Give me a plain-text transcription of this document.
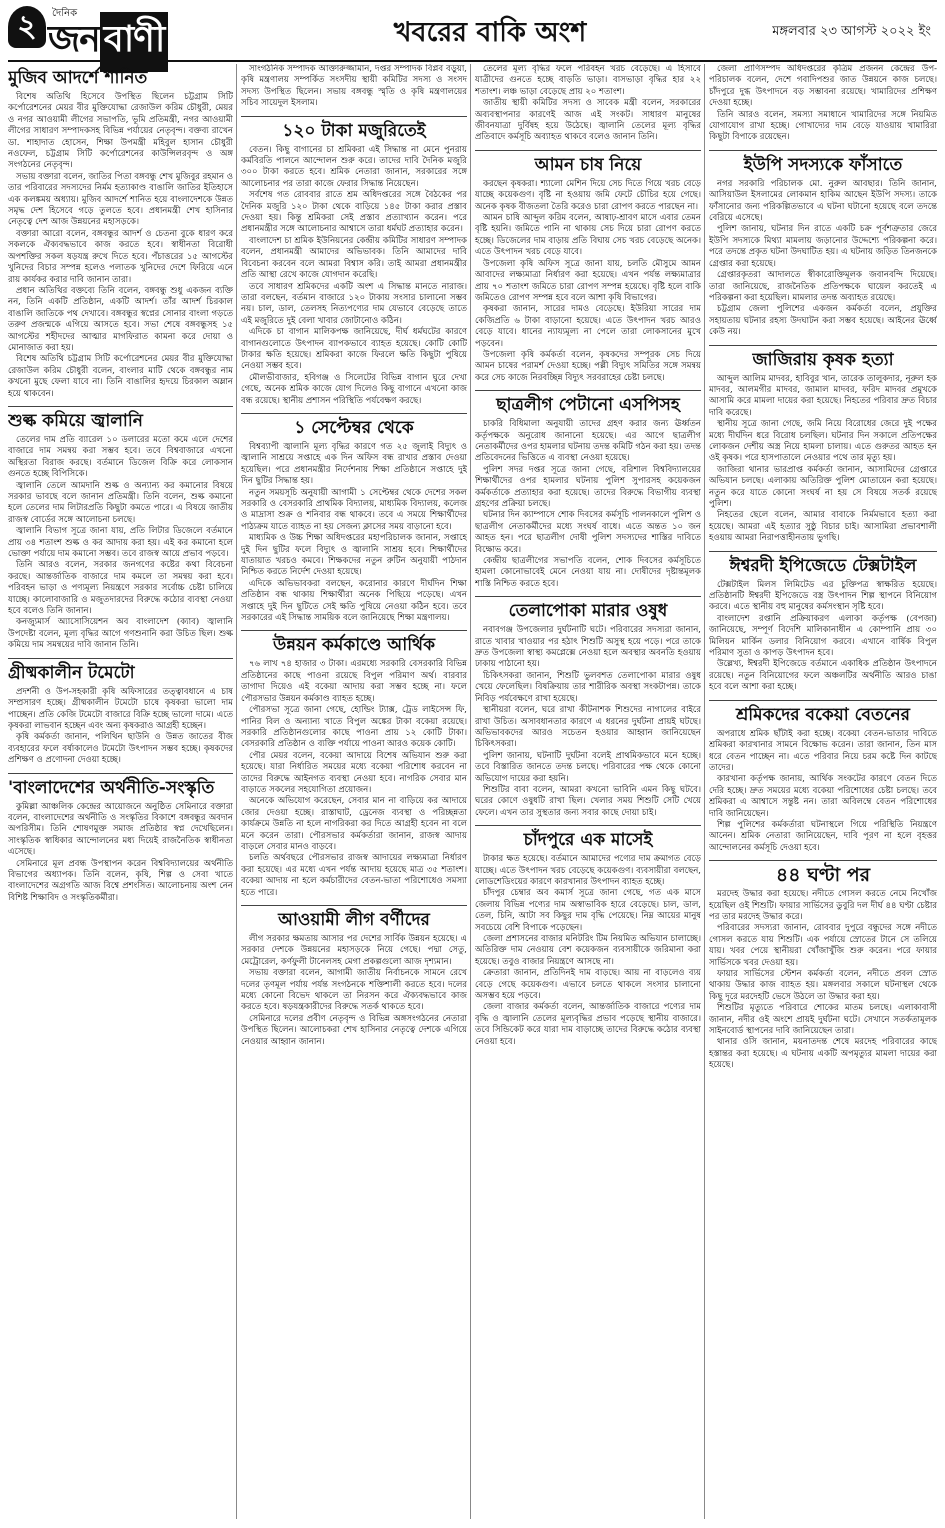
২	দৈনিক
জন বাণী	খবরের বাকি অংশ	মঙ্গলবার ২৩ আগস্ট ২০২২ ইং
মুজিব আদর্শে শানিত

বিশেষ অতিথি হিসেবে উপস্থিত ছিলেন চট্টগ্রাম সিটি কর্পোরেশনের মেয়র বীর মুক্তিযোদ্ধা রেজাউল করিম চৌধুরী, মেয়র ও নগর আওয়ামী লীগের সভাপতি, ভূমি প্রতিমন্ত্রী, নগর আওয়ামী লীগের সাধারণ সম্পাদকসহ বিভিন্ন পর্যায়ের নেতৃবৃন্দ। বক্তব্য রাখেন ডা. শাহাদাত হোসেন, শিক্ষা উপমন্ত্রী মহিবুল হাসান চৌধুরী নওফেল, চট্টগ্রাম সিটি কর্পোরেশনের কাউন্সিলরবৃন্দ ও অঙ্গ সংগঠনের নেতৃবৃন্দ।

সভায় বক্তারা বলেন, জাতির পিতা বঙ্গবন্ধু শেখ মুজিবুর রহমান ও তার পরিবারের সদস্যদের নির্মম হত্যাকাণ্ড বাঙালি জাতির ইতিহাসে এক কলঙ্কময় অধ্যায়। মুজিব আদর্শে শানিত হয়ে বাংলাদেশকে উন্নত সমৃদ্ধ দেশ হিসেবে গড়ে তুলতে হবে। প্রধানমন্ত্রী শেখ হাসিনার নেতৃত্বে দেশ আজ উন্নয়নের মহাসড়কে।

বক্তারা আরো বলেন, বঙ্গবন্ধুর আদর্শ ও চেতনা বুকে ধারণ করে সকলকে ঐক্যবদ্ধভাবে কাজ করতে হবে। স্বাধীনতা বিরোধী অপশক্তির সকল ষড়যন্ত্র রুখে দিতে হবে। পঁচাত্তরের ১৫ আগস্টের খুনিদের বিচার সম্পন্ন হলেও পলাতক খুনিদের দেশে ফিরিয়ে এনে রায় কার্যকর করার দাবি জানান তারা।

প্রধান অতিথির বক্তব্যে তিনি বলেন, বঙ্গবন্ধু শুধু একজন ব্যক্তি নন, তিনি একটি প্রতিষ্ঠান, একটি আদর্শ। তাঁর আদর্শ চিরকাল বাঙালি জাতিকে পথ দেখাবে। বঙ্গবন্ধুর স্বপ্নের সোনার বাংলা গড়তে তরুণ প্রজন্মকে এগিয়ে আসতে হবে। সভা শেষে বঙ্গবন্ধুসহ ১৫ আগস্টের শহীদদের আত্মার মাগফিরাত কামনা করে দোয়া ও মোনাজাত করা হয়।

বিশেষ অতিথি চট্টগ্রাম সিটি কর্পোরেশনের মেয়র বীর মুক্তিযোদ্ধা রেজাউল করিম চৌধুরী বলেন, বাংলার মাটি থেকে বঙ্গবন্ধুর নাম কখনো মুছে ফেলা যাবে না। তিনি বাঙালির হৃদয়ে চিরকাল অম্লান হয়ে থাকবেন।

শুল্ক কমিয়ে জ্বালানি

তেলের দাম প্রতি ব্যারেল ১০ ডলারের মতো কমে এলে দেশের বাজারে দাম সমন্বয় করা সম্ভব হবে। তবে বিশ্ববাজারে এখনো অস্থিরতা বিরাজ করছে। বর্তমানে ডিজেল বিক্রি করে লোকসান গুনতে হচ্ছে বিপিসিকে।

জ্বালানি তেলে আমদানি শুল্ক ও অন্যান্য কর কমানোর বিষয়ে সরকার ভাবছে বলে জানান প্রতিমন্ত্রী। তিনি বলেন, শুল্ক কমানো হলে তেলের দাম লিটারপ্রতি কিছুটা কমতে পারে। এ বিষয়ে জাতীয় রাজস্ব বোর্ডের সঙ্গে আলোচনা চলছে।

জ্বালানি বিভাগ সূত্রে জানা যায়, প্রতি লিটার ডিজেলে বর্তমানে প্রায় ৩৪ শতাংশ শুল্ক ও কর আদায় করা হয়। এই কর কমানো হলে ভোক্তা পর্যায়ে দাম কমানো সম্ভব। তবে রাজস্ব আয়ে প্রভাব পড়বে।

তিনি আরও বলেন, সরকার জনগণের কষ্টের কথা বিবেচনা করছে। আন্তর্জাতিক বাজারে দাম কমলে তা সমন্বয় করা হবে। পরিবহন ভাড়া ও পণ্যমূল্য নিয়ন্ত্রণে সরকার সর্বোচ্চ চেষ্টা চালিয়ে যাচ্ছে। কালোবাজারি ও মজুতদারদের বিরুদ্ধে কঠোর ব্যবস্থা নেওয়া হবে বলেও তিনি জানান।

কনজ্যুমার্স অ্যাসোসিয়েশন অব বাংলাদেশ (ক্যাব) জ্বালানি উপদেষ্টা বলেন, মূল্য বৃদ্ধির আগে গণশুনানি করা উচিত ছিল। শুল্ক কমিয়ে দাম সমন্বয়ের দাবি জানান তিনি।

গ্রীষ্মকালীন টমেটো

প্রদর্শনী ও উপ-সহকারী কৃষি অফিসারের তত্ত্বাবধানে এ চাষ সম্প্রসারণ হচ্ছে। গ্রীষ্মকালীন টমেটো চাষে কৃষকরা ভালো দাম পাচ্ছেন। প্রতি কেজি টমেটো বাজারে বিক্রি হচ্ছে ভালো দামে। এতে কৃষকরা লাভবান হচ্ছেন এবং অন্য কৃষকরাও আগ্রহী হচ্ছেন।

কৃষি কর্মকর্তা জানান, পলিথিন ছাউনি ও উন্নত জাতের বীজ ব্যবহারের ফলে বর্ষাকালেও টমেটো উৎপাদন সম্ভব হচ্ছে। কৃষকদের প্রশিক্ষণ ও প্রণোদনা দেওয়া হচ্ছে।

'বাংলাদেশের অর্থনীতি-সংস্কৃতি

কুমিল্লা আঞ্চলিক কেন্দ্রের আয়োজনে অনুষ্ঠিত সেমিনারে বক্তারা বলেন, বাংলাদেশের অর্থনীতি ও সংস্কৃতির বিকাশে বঙ্গবন্ধুর অবদান অপরিসীম। তিনি শোষণমুক্ত সমাজ প্রতিষ্ঠার স্বপ্ন দেখেছিলেন। সাংস্কৃতিক স্বাধিকার আন্দোলনের মধ্য দিয়েই রাজনৈতিক স্বাধীনতা এসেছে।

সেমিনারে মূল প্রবন্ধ উপস্থাপন করেন বিশ্ববিদ্যালয়ের অর্থনীতি বিভাগের অধ্যাপক। তিনি বলেন, কৃষি, শিল্প ও সেবা খাতে বাংলাদেশের অগ্রগতি আজ বিশ্বে প্রশংসিত। আলোচনায় অংশ নেন বিশিষ্ট শিক্ষাবিদ ও সংস্কৃতিকর্মীরা।

সাংগঠনিক সম্পাদক আক্তারুজ্জামান, দপ্তর সম্পাদক বিপ্লব বড়ুয়া, কৃষি মন্ত্রণালয় সম্পর্কিত সংসদীয় স্থায়ী কমিটির সদস্য ও সংসদ সদস্য উপস্থিত ছিলেন। সভায় বঙ্গবন্ধু স্মৃতি ও কৃষি মন্ত্রণালয়ের সচিব সায়েদুল ইসলাম।

১২০ টাকা মজুরিতেই

বেতন। কিছু বাগানের চা শ্রমিকরা এই সিদ্ধান্ত না মেনে পুনরায় কর্মবিরতি পালনে আন্দোলন শুরু করে। তাদের দাবি দৈনিক মজুরি ৩০০ টাকা করতে হবে। শ্রমিক নেতারা জানান, সরকারের সঙ্গে আলোচনার পর তারা কাজে ফেরার সিদ্ধান্ত নিয়েছেন।

সর্বশেষ গত রোববার রাতে শ্রম অধিদপ্তরের সঙ্গে বৈঠকের পর দৈনিক মজুরি ১২০ টাকা থেকে বাড়িয়ে ১৪৫ টাকা করার প্রস্তাব দেওয়া হয়। কিন্তু শ্রমিকরা সেই প্রস্তাব প্রত্যাখ্যান করেন। পরে প্রধানমন্ত্রীর সঙ্গে আলোচনার আশ্বাসে তারা ধর্মঘট প্রত্যাহার করেন।

বাংলাদেশ চা শ্রমিক ইউনিয়নের কেন্দ্রীয় কমিটির সাধারণ সম্পাদক বলেন, প্রধানমন্ত্রী আমাদের অভিভাবক। তিনি আমাদের দাবি বিবেচনা করবেন বলে আমরা বিশ্বাস করি। তাই আমরা প্রধানমন্ত্রীর প্রতি আস্থা রেখে কাজে যোগদান করেছি।

তবে সাধারণ শ্রমিকদের একটি অংশ এ সিদ্ধান্ত মানতে নারাজ। তারা বলছেন, বর্তমান বাজারে ১২০ টাকায় সংসার চালানো সম্ভব নয়। চাল, ডাল, তেলসহ নিত্যপণ্যের দাম যেভাবে বেড়েছে তাতে এই মজুরিতে দুই বেলা খাবার জোটানোও কঠিন।

এদিকে চা বাগান মালিকপক্ষ জানিয়েছে, দীর্ঘ ধর্মঘটের কারণে বাগানগুলোতে উৎপাদন ব্যাপকভাবে ব্যাহত হয়েছে। কোটি কোটি টাকার ক্ষতি হয়েছে। শ্রমিকরা কাজে ফিরলে ক্ষতি কিছুটা পুষিয়ে নেওয়া সম্ভব হবে।

মৌলভীবাজার, হবিগঞ্জ ও সিলেটের বিভিন্ন বাগান ঘুরে দেখা গেছে, অনেক শ্রমিক কাজে যোগ দিলেও কিছু বাগানে এখনো কাজ বন্ধ রয়েছে। স্থানীয় প্রশাসন পরিস্থিতি পর্যবেক্ষণ করছে।

১ সেপ্টেম্বর থেকে

বিশ্বব্যাপী জ্বালানি মূল্য বৃদ্ধির কারণে গত ২৫ জুলাই বিদ্যুৎ ও জ্বালানি সাশ্রয়ে সপ্তাহে এক দিন অফিস বন্ধ রাখার প্রস্তাব দেওয়া হয়েছিল। পরে প্রধানমন্ত্রীর নির্দেশনায় শিক্ষা প্রতিষ্ঠানে সপ্তাহে দুই দিন ছুটির সিদ্ধান্ত হয়।

নতুন সময়সূচি অনুযায়ী আগামী ১ সেপ্টেম্বর থেকে দেশের সকল সরকারি ও বেসরকারি প্রাথমিক বিদ্যালয়, মাধ্যমিক বিদ্যালয়, কলেজ ও মাদ্রাসা শুক্র ও শনিবার বন্ধ থাকবে। তবে এ সময়ে শিক্ষার্থীদের পাঠ্যক্রম যাতে ব্যাহত না হয় সেজন্য ক্লাসের সময় বাড়ানো হবে।

মাধ্যমিক ও উচ্চ শিক্ষা অধিদপ্তরের মহাপরিচালক জানান, সপ্তাহে দুই দিন ছুটির ফলে বিদ্যুৎ ও জ্বালানি সাশ্রয় হবে। শিক্ষার্থীদের যাতায়াত খরচও কমবে। শিক্ষকদের নতুন রুটিন অনুযায়ী পাঠদান নিশ্চিত করতে নির্দেশ দেওয়া হয়েছে।

এদিকে অভিভাবকরা বলছেন, করোনার কারণে দীর্ঘদিন শিক্ষা প্রতিষ্ঠান বন্ধ থাকায় শিক্ষার্থীরা অনেক পিছিয়ে পড়েছে। এখন সপ্তাহে দুই দিন ছুটিতে সেই ক্ষতি পুষিয়ে নেওয়া কঠিন হবে। তবে সরকারের এই সিদ্ধান্ত সাময়িক বলে জানিয়েছে শিক্ষা মন্ত্রণালয়।

উন্নয়ন কর্মকাণ্ডে আর্থিক

৭৬ লাখ ৭৪ হাজার ৩ টাকা। এরমধ্যে সরকারি বেসরকারি বিভিন্ন প্রতিষ্ঠানের কাছে পাওনা রয়েছে বিপুল পরিমাণ অর্থ। বারবার তাগাদা দিয়েও এই বকেয়া আদায় করা সম্ভব হচ্ছে না। ফলে পৌরসভার উন্নয়ন কর্মকাণ্ড ব্যাহত হচ্ছে।

পৌরসভা সূত্রে জানা গেছে, হোল্ডিং ট্যাক্স, ট্রেড লাইসেন্স ফি, পানির বিল ও অন্যান্য খাতে বিপুল অঙ্কের টাকা বকেয়া রয়েছে। সরকারি প্রতিষ্ঠানগুলোর কাছে পাওনা প্রায় ১২ কোটি টাকা। বেসরকারি প্রতিষ্ঠান ও ব্যক্তি পর্যায়ে পাওনা আরও কয়েক কোটি।

পৌর মেয়র বলেন, বকেয়া আদায়ে বিশেষ অভিযান শুরু করা হয়েছে। যারা নির্ধারিত সময়ের মধ্যে বকেয়া পরিশোধ করবেন না তাদের বিরুদ্ধে আইনগত ব্যবস্থা নেওয়া হবে। নাগরিক সেবার মান বাড়াতে সকলের সহযোগিতা প্রয়োজন।

অনেকে অভিযোগ করেছেন, সেবার মান না বাড়িয়ে কর আদায়ে জোর দেওয়া হচ্ছে। রাস্তাঘাট, ড্রেনেজ ব্যবস্থা ও পরিচ্ছন্নতা কার্যক্রমে উন্নতি না হলে নাগরিকরা কর দিতে আগ্রহী হবেন না বলে মনে করেন তারা। পৌরসভার কর্মকর্তারা জানান, রাজস্ব আদায় বাড়লে সেবার মানও বাড়বে।

চলতি অর্থবছরে পৌরসভার রাজস্ব আদায়ের লক্ষ্যমাত্রা নির্ধারণ করা হয়েছে। এর মধ্যে এখন পর্যন্ত আদায় হয়েছে মাত্র ৩৫ শতাংশ। বকেয়া আদায় না হলে কর্মচারীদের বেতন-ভাতা পরিশোধেও সমস্যা হতে পারে।

আওয়ামী লীগ বর্ণীদের

লীগ সরকার ক্ষমতায় আসার পর দেশের সার্বিক উন্নয়ন হয়েছে। এ সরকার দেশকে উন্নয়নের মহাসড়কে নিয়ে গেছে। পদ্মা সেতু, মেট্রোরেল, কর্ণফুলী টানেলসহ মেগা প্রকল্পগুলো আজ দৃশ্যমান।

সভায় বক্তারা বলেন, আগামী জাতীয় নির্বাচনকে সামনে রেখে দলের তৃণমূল পর্যায় পর্যন্ত সংগঠনকে শক্তিশালী করতে হবে। দলের মধ্যে কোনো বিভেদ থাকলে তা নিরসন করে ঐক্যবদ্ধভাবে কাজ করতে হবে। ষড়যন্ত্রকারীদের বিরুদ্ধে সতর্ক থাকতে হবে।

সেমিনারে দলের প্রবীণ নেতৃবৃন্দ ও বিভিন্ন অঙ্গসংগঠনের নেতারা উপস্থিত ছিলেন। আলোচকরা শেখ হাসিনার নেতৃত্বে দেশকে এগিয়ে নেওয়ার আহ্বান জানান।

তেলের মূল্য বৃদ্ধির ফলে পরিবহন খরচ বেড়েছে। এ হিসাবে যাত্রীদের গুনতে হচ্ছে বাড়তি ভাড়া। বাসভাড়া বৃদ্ধির হার ২২ শতাংশ। লঞ্চ ভাড়া বেড়েছে প্রায় ২০ শতাংশ।

জাতীয় স্থায়ী কমিটির সদস্য ও সাবেক মন্ত্রী বলেন, সরকারের অব্যবস্থাপনার কারণেই আজ এই সংকট। সাধারণ মানুষের জীবনযাত্রা দুর্বিষহ হয়ে উঠেছে। জ্বালানি তেলের মূল্য বৃদ্ধির প্রতিবাদে কর্মসূচি অব্যাহত থাকবে বলেও জানান তিনি।

আমন চাষ নিয়ে

করছেন কৃষকরা। শ্যালো মেশিন দিয়ে সেচ দিতে গিয়ে খরচ বেড়ে যাচ্ছে কয়েকগুণ। বৃষ্টি না হওয়ায় জমি ফেটে চৌচির হয়ে গেছে। অনেক কৃষক বীজতলা তৈরি করেও চারা রোপণ করতে পারছেন না।

আমন চাষি আব্দুল করিম বলেন, আষাঢ়-শ্রাবণ মাসে এবার তেমন বৃষ্টি হয়নি। জমিতে পানি না থাকায় সেচ দিয়ে চারা রোপণ করতে হচ্ছে। ডিজেলের দাম বাড়ায় প্রতি বিঘায় সেচ খরচ বেড়েছে অনেক। এতে উৎপাদন খরচ বেড়ে যাবে।

উপজেলা কৃষি অফিস সূত্রে জানা যায়, চলতি মৌসুমে আমন আবাদের লক্ষ্যমাত্রা নির্ধারণ করা হয়েছে। এখন পর্যন্ত লক্ষ্যমাত্রার প্রায় ৭০ শতাংশ জমিতে চারা রোপণ সম্পন্ন হয়েছে। বৃষ্টি হলে বাকি জমিতেও রোপণ সম্পন্ন হবে বলে আশা কৃষি বিভাগের।

কৃষকরা জানান, সারের দামও বেড়েছে। ইউরিয়া সারের দাম কেজিপ্রতি ৬ টাকা বাড়ানো হয়েছে। এতে উৎপাদন খরচ আরও বেড়ে যাবে। ধানের ন্যায্যমূল্য না পেলে তারা লোকসানের মুখে পড়বেন।

উপজেলা কৃষি কর্মকর্তা বলেন, কৃষকদের সম্পূরক সেচ দিয়ে আমন চাষের পরামর্শ দেওয়া হচ্ছে। পল্লী বিদ্যুৎ সমিতির সঙ্গে সমন্বয় করে সেচ কাজে নিরবচ্ছিন্ন বিদ্যুৎ সরবরাহের চেষ্টা চলছে।

ছাত্রলীগ পেটানো এসপিসহ

চাকরি বিধিমালা অনুযায়ী তাদের গ্রহণ করার জন্য ঊর্ধ্বতন কর্তৃপক্ষকে অনুরোধ জানানো হয়েছে। এর আগে ছাত্রলীগ নেতাকর্মীদের ওপর হামলার ঘটনায় তদন্ত কমিটি গঠন করা হয়। তদন্ত প্রতিবেদনের ভিত্তিতে এ ব্যবস্থা নেওয়া হয়েছে।

পুলিশ সদর দপ্তর সূত্রে জানা গেছে, বরিশাল বিশ্ববিদ্যালয়ের শিক্ষার্থীদের ওপর হামলার ঘটনায় পুলিশ সুপারসহ কয়েকজন কর্মকর্তাকে প্রত্যাহার করা হয়েছে। তাদের বিরুদ্ধে বিভাগীয় ব্যবস্থা গ্রহণের প্রক্রিয়া চলছে।

ঘটনার দিন ক্যাম্পাসে শোক দিবসের কর্মসূচি পালনকালে পুলিশ ও ছাত্রলীগ নেতাকর্মীদের মধ্যে সংঘর্ষ বাধে। এতে অন্তত ১০ জন আহত হন। পরে ছাত্রলীগ দোষী পুলিশ সদস্যদের শাস্তির দাবিতে বিক্ষোভ করে।

কেন্দ্রীয় ছাত্রলীগের সভাপতি বলেন, শোক দিবসের কর্মসূচিতে হামলা কোনোভাবেই মেনে নেওয়া যায় না। দোষীদের দৃষ্টান্তমূলক শাস্তি নিশ্চিত করতে হবে।

তেলাপোকা মারার ওষুধ

নবাবগঞ্জ উপজেলার দুর্ঘটনাটি ঘটে। পরিবারের সদস্যরা জানান, রাতে খাবার খাওয়ার পর হঠাৎ শিশুটি অসুস্থ হয়ে পড়ে। পরে তাকে দ্রুত উপজেলা স্বাস্থ্য কমপ্লেক্সে নেওয়া হলে অবস্থার অবনতি হওয়ায় ঢাকায় পাঠানো হয়।

চিকিৎসকরা জানান, শিশুটি ভুলবশত তেলাপোকা মারার ওষুধ খেয়ে ফেলেছিল। বিষক্রিয়ায় তার শারীরিক অবস্থা সংকটাপন্ন। তাকে নিবিড় পর্যবেক্ষণে রাখা হয়েছে।

স্থানীয়রা বলেন, ঘরে রাখা কীটনাশক শিশুদের নাগালের বাইরে রাখা উচিত। অসাবধানতার কারণে এ ধরনের দুর্ঘটনা প্রায়ই ঘটছে। অভিভাবকদের আরও সচেতন হওয়ার আহ্বান জানিয়েছেন চিকিৎসকরা।

পুলিশ জানায়, ঘটনাটি দুর্ঘটনা বলেই প্রাথমিকভাবে মনে হচ্ছে। তবে বিস্তারিত জানতে তদন্ত চলছে। পরিবারের পক্ষ থেকে কোনো অভিযোগ দায়ের করা হয়নি।

শিশুটির বাবা বলেন, আমরা কখনো ভাবিনি এমন কিছু ঘটবে। ঘরের কোণে ওষুধটি রাখা ছিল। খেলার সময় শিশুটি সেটি খেয়ে ফেলে। এখন তার সুস্থতার জন্য সবার কাছে দোয়া চাই।

চাঁদপুরে এক মাসেই

টাকার ক্ষত হয়েছে। বর্তমানে আমাদের পণ্যের দাম ক্রমাগত বেড়ে যাচ্ছে। এতে উৎপাদন খরচ বেড়েছে কয়েকগুণ। ব্যবসায়ীরা বলছেন, লোডশেডিংয়ের কারণে কারখানার উৎপাদন ব্যাহত হচ্ছে।

চাঁদপুর চেম্বার অব কমার্স সূত্রে জানা গেছে, গত এক মাসে জেলায় বিভিন্ন পণ্যের দাম অস্বাভাবিক হারে বেড়েছে। চাল, ডাল, তেল, চিনি, আটা সব কিছুর দাম বৃদ্ধি পেয়েছে। নিম্ন আয়ের মানুষ সবচেয়ে বেশি বিপাকে পড়েছেন।

জেলা প্রশাসনের বাজার মনিটরিং টিম নিয়মিত অভিযান চালাচ্ছে। অতিরিক্ত দাম নেওয়ায় বেশ কয়েকজন ব্যবসায়ীকে জরিমানা করা হয়েছে। তবুও বাজার নিয়ন্ত্রণে আসছে না।

ক্রেতারা জানান, প্রতিদিনই দাম বাড়ছে। আয় না বাড়লেও ব্যয় বেড়ে গেছে কয়েকগুণ। এভাবে চলতে থাকলে সংসার চালানো অসম্ভব হয়ে পড়বে।

জেলা বাজার কর্মকর্তা বলেন, আন্তর্জাতিক বাজারে পণ্যের দাম বৃদ্ধি ও জ্বালানি তেলের মূল্যবৃদ্ধির প্রভাব পড়েছে স্থানীয় বাজারে। তবে সিন্ডিকেট করে যারা দাম বাড়াচ্ছে তাদের বিরুদ্ধে কঠোর ব্যবস্থা নেওয়া হবে।

জেলা প্রাণিসম্পদ অধিদপ্তরের কৃত্রিম প্রজনন কেন্দ্রের উপ-পরিচালক বলেন, দেশে গবাদিপশুর জাত উন্নয়নে কাজ চলছে। চাঁদপুরে দুগ্ধ উৎপাদনে বড় সম্ভাবনা রয়েছে। খামারিদের প্রশিক্ষণ দেওয়া হচ্ছে।

তিনি আরও বলেন, সমস্যা সমাধানে খামারিদের সঙ্গে নিয়মিত যোগাযোগ রাখা হচ্ছে। গোখাদ্যের দাম বেড়ে যাওয়ায় খামারিরা কিছুটা বিপাকে রয়েছেন।

ইউপি সদস্যকে ফাঁসাতে

নগর সরকারি পরিচালক মো. নুরুল আবছার। তিনি জানান, আসিয়াউল ইসলামের লোকমান হাকিম আছেন ইউপি সদস্য। তাকে ফাঁসানোর জন্য পরিকল্পিতভাবে এ ঘটনা ঘটানো হয়েছে বলে তদন্তে বেরিয়ে এসেছে।

পুলিশ জানায়, ঘটনার দিন রাতে একটি চক্র পূর্বশত্রুতার জেরে ইউপি সদস্যকে মিথ্যা মামলায় জড়ানোর উদ্দেশ্যে পরিকল্পনা করে। পরে তদন্তে প্রকৃত ঘটনা উদঘাটিত হয়। এ ঘটনায় জড়িত তিনজনকে গ্রেপ্তার করা হয়েছে।

গ্রেপ্তারকৃতরা আদালতে স্বীকারোক্তিমূলক জবানবন্দি দিয়েছে। তারা জানিয়েছে, রাজনৈতিক প্রতিপক্ষকে ঘায়েল করতেই এ পরিকল্পনা করা হয়েছিল। মামলার তদন্ত অব্যাহত রয়েছে।

চট্টগ্রাম জেলা পুলিশের একজন কর্মকর্তা বলেন, প্রযুক্তির সহায়তায় ঘটনার রহস্য উদঘাটন করা সম্ভব হয়েছে। আইনের ঊর্ধ্বে কেউ নয়।

জাজিরায় কৃষক হত্যা

আব্দুল আলিম মাদবর, হাবিবুর খান, তারেক তালুকদার, নূরুল হক মাদবর, আলমগীর মাদবর, জামাল মাদবর, ফরিদ মাদবর প্রমুখকে আসামি করে মামলা দায়ের করা হয়েছে। নিহতের পরিবার দ্রুত বিচার দাবি করেছে।

স্থানীয় সূত্রে জানা গেছে, জমি নিয়ে বিরোধের জেরে দুই পক্ষের মধ্যে দীর্ঘদিন ধরে বিরোধ চলছিল। ঘটনার দিন সকালে প্রতিপক্ষের লোকজন দেশীয় অস্ত্র নিয়ে হামলা চালায়। এতে গুরুতর আহত হন ওই কৃষক। পরে হাসপাতালে নেওয়ার পথে তার মৃত্যু হয়।

জাজিরা থানার ভারপ্রাপ্ত কর্মকর্তা জানান, আসামিদের গ্রেপ্তারে অভিযান চলছে। এলাকায় অতিরিক্ত পুলিশ মোতায়েন করা হয়েছে। নতুন করে যাতে কোনো সংঘর্ষ না হয় সে বিষয়ে সতর্ক রয়েছে পুলিশ।

নিহতের ছেলে বলেন, আমার বাবাকে নির্মমভাবে হত্যা করা হয়েছে। আমরা এই হত্যার সুষ্ঠু বিচার চাই। আসামিরা প্রভাবশালী হওয়ায় আমরা নিরাপত্তাহীনতায় ভুগছি।

ঈশ্বরদী ইপিজেডে টেক্সটাইল

টেক্সটাইল মিলস লিমিটেড এর চুক্তিপত্র স্বাক্ষরিত হয়েছে। প্রতিষ্ঠানটি ঈশ্বরদী ইপিজেডে বস্ত্র উৎপাদন শিল্প স্থাপনে বিনিয়োগ করবে। এতে স্থানীয় বহু মানুষের কর্মসংস্থান সৃষ্টি হবে।

বাংলাদেশ রপ্তানি প্রক্রিয়াকরণ এলাকা কর্তৃপক্ষ (বেপজা) জানিয়েছে, সম্পূর্ণ বিদেশি মালিকানাধীন এ কোম্পানি প্রায় ৩০ মিলিয়ন মার্কিন ডলার বিনিয়োগ করবে। এখানে বার্ষিক বিপুল পরিমাণ সুতা ও কাপড় উৎপাদন হবে।

উল্লেখ্য, ঈশ্বরদী ইপিজেডে বর্তমানে একাধিক প্রতিষ্ঠান উৎপাদনে রয়েছে। নতুন বিনিয়োগের ফলে অঞ্চলটির অর্থনীতি আরও চাঙা হবে বলে আশা করা হচ্ছে।

শ্রমিকদের বকেয়া বেতনের

অপরাধে শ্রমিক ছাঁটাই করা হচ্ছে। বকেয়া বেতন-ভাতার দাবিতে শ্রমিকরা কারখানার সামনে বিক্ষোভ করেন। তারা জানান, তিন মাস ধরে বেতন পাচ্ছেন না। এতে পরিবার নিয়ে চরম কষ্টে দিন কাটছে তাদের।

কারখানা কর্তৃপক্ষ জানায়, আর্থিক সংকটের কারণে বেতন দিতে দেরি হচ্ছে। দ্রুত সময়ের মধ্যে বকেয়া পরিশোধের চেষ্টা চলছে। তবে শ্রমিকরা এ আশ্বাসে সন্তুষ্ট নন। তারা অবিলম্বে বেতন পরিশোধের দাবি জানিয়েছেন।

শিল্প পুলিশের কর্মকর্তারা ঘটনাস্থলে গিয়ে পরিস্থিতি নিয়ন্ত্রণে আনেন। শ্রমিক নেতারা জানিয়েছেন, দাবি পূরণ না হলে বৃহত্তর আন্দোলনের কর্মসূচি দেওয়া হবে।

৪৪ ঘণ্টা পর

মরদেহ উদ্ধার করা হয়েছে। নদীতে গোসল করতে নেমে নিখোঁজ হয়েছিল ওই শিশুটি। ফায়ার সার্ভিসের ডুবুরি দল দীর্ঘ ৪৪ ঘণ্টা চেষ্টার পর তার মরদেহ উদ্ধার করে।

পরিবারের সদস্যরা জানান, রোববার দুপুরে বন্ধুদের সঙ্গে নদীতে গোসল করতে যায় শিশুটি। এক পর্যায়ে স্রোতের টানে সে তলিয়ে যায়। খবর পেয়ে স্থানীয়রা খোঁজাখুঁজি শুরু করেন। পরে ফায়ার সার্ভিসকে খবর দেওয়া হয়।

ফায়ার সার্ভিসের স্টেশন কর্মকর্তা বলেন, নদীতে প্রবল স্রোত থাকায় উদ্ধার কাজ ব্যাহত হয়। মঙ্গলবার সকালে ঘটনাস্থল থেকে কিছু দূরে মরদেহটি ভেসে উঠলে তা উদ্ধার করা হয়।

শিশুটির মৃত্যুতে পরিবারে শোকের মাতম চলছে। এলাকাবাসী জানান, নদীর ওই অংশে প্রায়ই দুর্ঘটনা ঘটে। সেখানে সতর্কতামূলক সাইনবোর্ড স্থাপনের দাবি জানিয়েছেন তারা।

থানার ওসি জানান, ময়নাতদন্ত শেষে মরদেহ পরিবারের কাছে হস্তান্তর করা হয়েছে। এ ঘটনায় একটি অপমৃত্যুর মামলা দায়ের করা হয়েছে।
